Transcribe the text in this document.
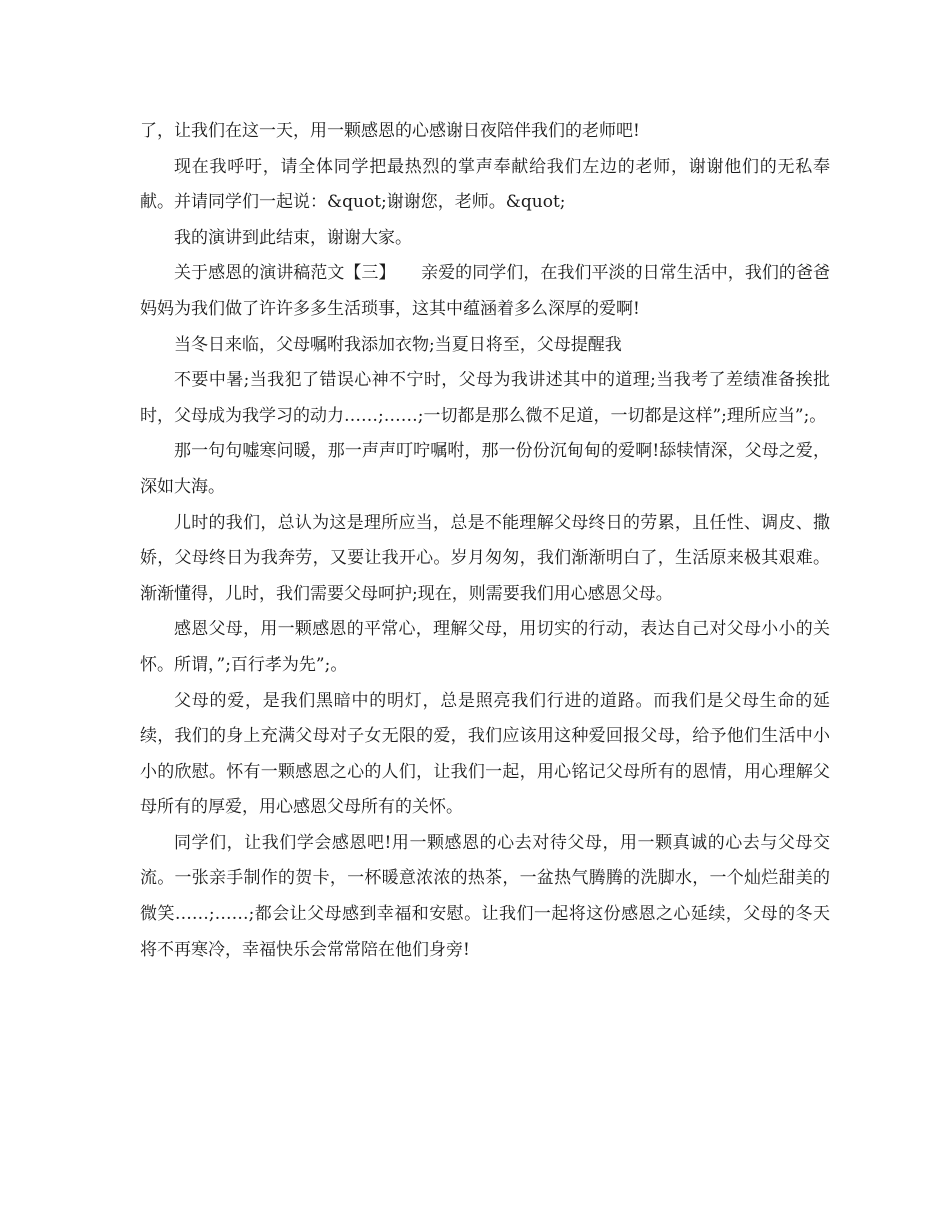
了，让我们在这一天，用一颗感恩的心感谢日夜陪伴我们的老师吧!

现在我呼吁，请全体同学把最热烈的掌声奉献给我们左边的老师，谢谢他们的无私奉献。并请同学们一起说：&quot;谢谢您，老师。&quot;

我的演讲到此结束，谢谢大家。

关于感恩的演讲稿范文【三】　　亲爱的同学们，在我们平淡的日常生活中，我们的爸爸妈妈为我们做了许许多多生活琐事，这其中蕴涵着多么深厚的爱啊!

当冬日来临，父母嘱咐我添加衣物;当夏日将至，父母提醒我

不要中暑;当我犯了错误心神不宁时，父母为我讲述其中的道理;当我考了差绩准备挨批时，父母成为我学习的动力……;……;一切都是那么微不足道，一切都是这样”;理所应当”;。

那一句句嘘寒问暖，那一声声叮咛嘱咐，那一份份沉甸甸的爱啊!舔犊情深，父母之爱，深如大海。

儿时的我们，总认为这是理所应当，总是不能理解父母终日的劳累，且任性、调皮、撒娇，父母终日为我奔劳，又要让我开心。岁月匆匆，我们渐渐明白了，生活原来极其艰难。渐渐懂得，儿时，我们需要父母呵护;现在，则需要我们用心感恩父母。

感恩父母，用一颗感恩的平常心，理解父母，用切实的行动，表达自己对父母小小的关怀。所谓，”;百行孝为先”;。

父母的爱，是我们黑暗中的明灯，总是照亮我们行进的道路。而我们是父母生命的延续，我们的身上充满父母对子女无限的爱，我们应该用这种爱回报父母，给予他们生活中小小的欣慰。怀有一颗感恩之心的人们，让我们一起，用心铭记父母所有的恩情，用心理解父母所有的厚爱，用心感恩父母所有的关怀。

同学们，让我们学会感恩吧!用一颗感恩的心去对待父母，用一颗真诚的心去与父母交流。一张亲手制作的贺卡，一杯暖意浓浓的热茶，一盆热气腾腾的洗脚水，一个灿烂甜美的微笑……;……;都会让父母感到幸福和安慰。让我们一起将这份感恩之心延续，父母的冬天将不再寒冷，幸福快乐会常常陪在他们身旁!
